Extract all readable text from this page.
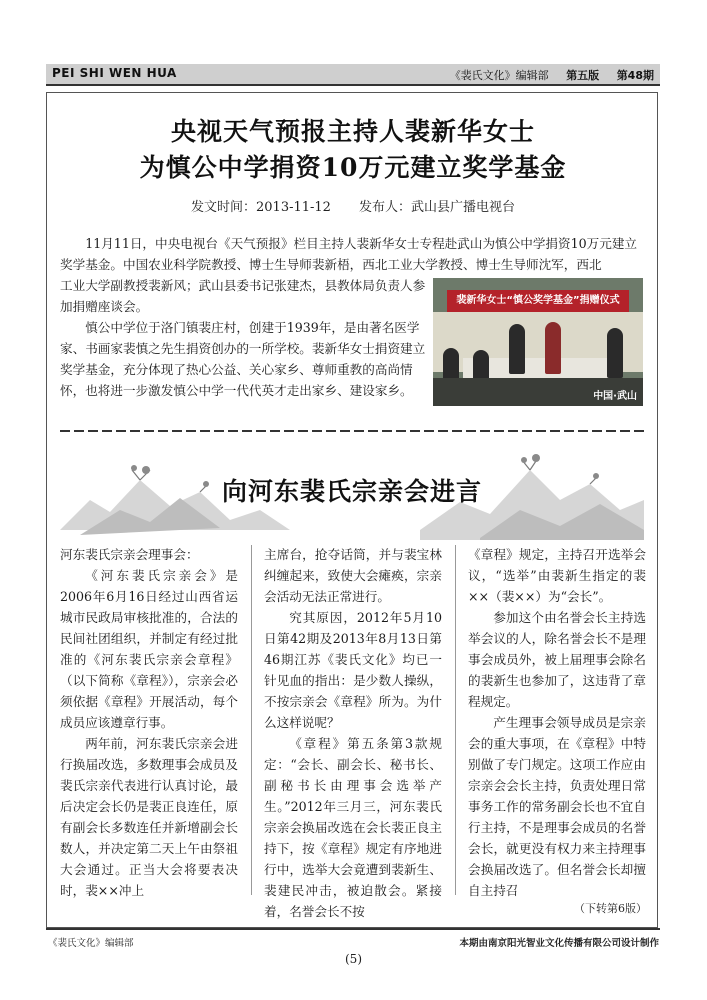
PEI SHI WEN HUA	《裴氏文化》编辑部 第五版 第48期
央视天气预报主持人裴新华女士
为慎公中学捐资10万元建立奖学基金
发文时间：2013-11-12 发布人：武山县广播电视台
11月11日，中央电视台《天气预报》栏目主持人裴新华女士专程赴武山为慎公中学捐资10万元建立奖学基金。中国农业科学院教授、博士生导师裴新梧，西北工业大学教授、博士生导师沈军，西北
工业大学副教授裴新风；武山县委书记张建杰，县教体局负责人参加捐赠座谈会。
慎公中学位于洛门镇裴庄村，创建于1939年，是由著名医学家、书画家裴慎之先生捐资创办的一所学校。裴新华女士捐资建立奖学基金，充分体现了热心公益、关心家乡、尊师重教的高尚情怀，也将进一步激发慎公中学一代代英才走出家乡、建设家乡。
裴新华女士“慎公奖学基金”捐赠仪式
中国·武山
向河东裴氏宗亲会进言

河东裴氏宗亲会理事会：

《河东裴氏宗亲会》是2006年6月16日经过山西省运城市民政局审核批准的，合法的民间社团组织，并制定有经过批准的《河东裴氏宗亲会章程》（以下简称《章程》），宗亲会必须依据《章程》开展活动，每个成员应该遵章行事。

两年前，河东裴氏宗亲会进行换届改选，多数理事会成员及裴氏宗亲代表进行认真讨论，最后决定会长仍是裴正良连任，原有副会长多数连任并新增副会长数人，并决定第二天上午由祭祖大会通过。正当大会将要表决时，裴××冲上

主席台，抢夺话筒，并与裴宝林纠缠起来，致使大会瘫痪，宗亲会活动无法正常进行。

究其原因，2012年5月10日第42期及2013年8月13日第46期江苏《裴氏文化》均已一针见血的指出：是少数人操纵，不按宗亲会《章程》所为。为什么这样说呢？

《章程》第五条第3款规定：“会长、副会长、秘书长、副秘书长由理事会选举产生。”2012年三月三，河东裴氏宗亲会换届改选在会长裴正良主持下，按《章程》规定有序地进行中，选举大会竟遭到裴新生、裴建民冲击，被迫散会。紧接着，名誉会长不按

《章程》规定，主持召开选举会议，“选举”由裴新生指定的裴××（裴××）为“会长”。

参加这个由名誉会长主持选举会议的人，除名誉会长不是理事会成员外，被上届理事会除名的裴新生也参加了，这违背了章程规定。

产生理事会领导成员是宗亲会的重大事项，在《章程》中特别做了专门规定。这项工作应由宗亲会会长主持，负责处理日常事务工作的常务副会长也不宜自行主持，不是理事会成员的名誉会长，就更没有权力来主持理事会换届改选了。但名誉会长却擅自主持召

（下转第6版）
《裴氏文化》编辑部	本期由南京阳光智业文化传播有限公司设计制作
(5)
